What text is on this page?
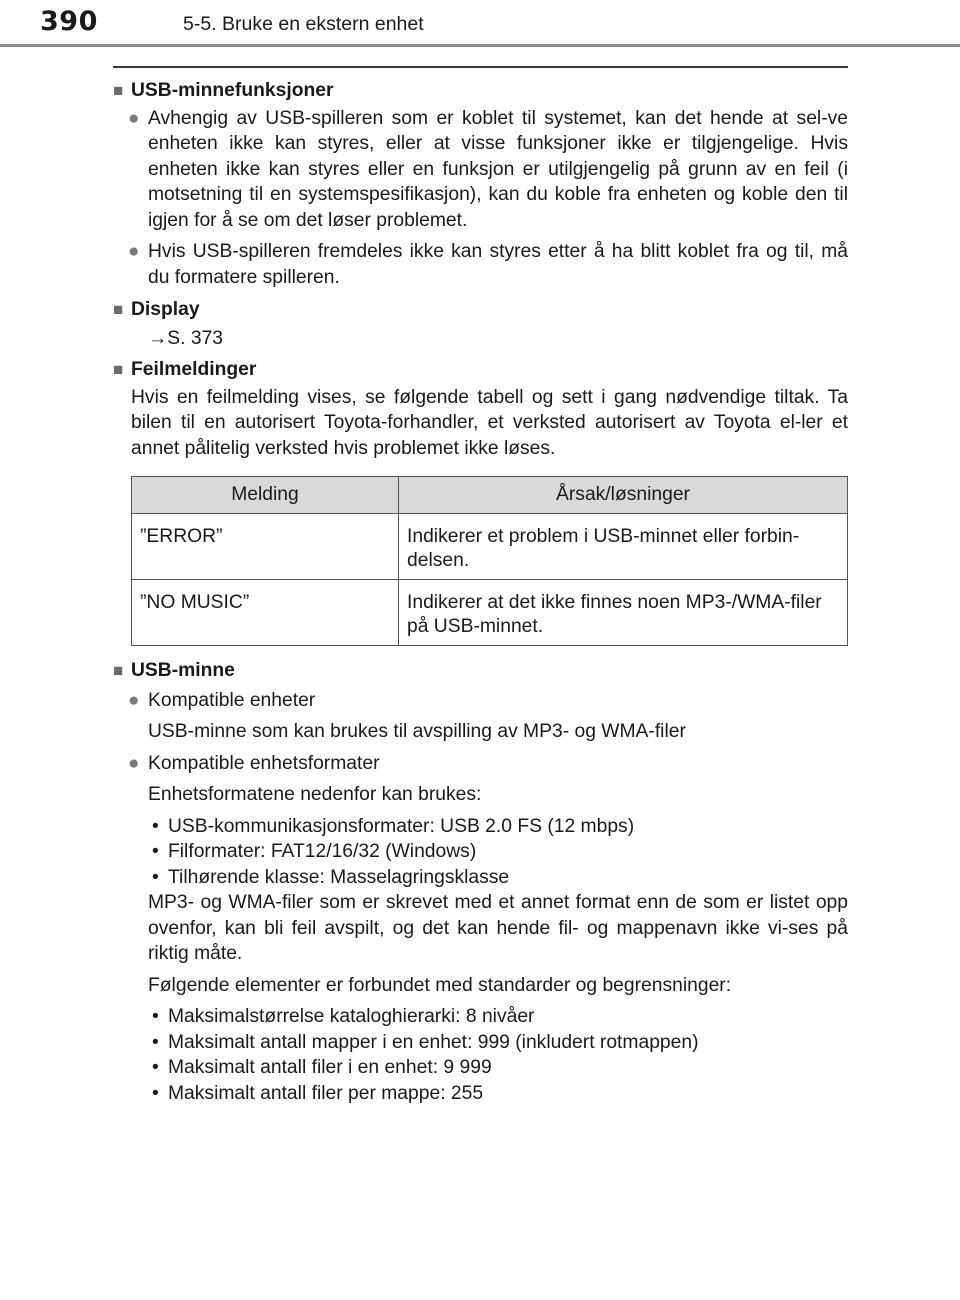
390	5-5. Bruke en ekstern enhet
■ USB-minnefunksjoner
● Avhengig av USB-spilleren som er koblet til systemet, kan det hende at sel-ve enheten ikke kan styres, eller at visse funksjoner ikke er tilgjengelige. Hvis enheten ikke kan styres eller en funksjon er utilgjengelig på grunn av en feil (i motsetning til en systemspesifikasjon), kan du koble fra enheten og koble den til igjen for å se om det løser problemet.
● Hvis USB-spilleren fremdeles ikke kan styres etter å ha blitt koblet fra og til, må du formatere spilleren.
■ Display
→S. 373
■ Feilmeldinger
Hvis en feilmelding vises, se følgende tabell og sett i gang nødvendige tiltak. Ta bilen til en autorisert Toyota-forhandler, et verksted autorisert av Toyota el-ler et annet pålitelig verksted hvis problemet ikke løses.
Melding	Årsak/løsninger
”ERROR”	Indikerer et problem i USB-minnet eller forbin-delsen.
”NO MUSIC”	Indikerer at det ikke finnes noen MP3-/WMA-filer på USB-minnet.
■ USB-minne
● Kompatible enheter
USB-minne som kan brukes til avspilling av MP3- og WMA-filer
● Kompatible enhetsformater
Enhetsformatene nedenfor kan brukes:
• USB-kommunikasjonsformater: USB 2.0 FS (12 mbps)
• Filformater: FAT12/16/32 (Windows)
• Tilhørende klasse: Masselagringsklasse
MP3- og WMA-filer som er skrevet med et annet format enn de som er listet opp ovenfor, kan bli feil avspilt, og det kan hende fil- og mappenavn ikke vi-ses på riktig måte.
Følgende elementer er forbundet med standarder og begrensninger:
• Maksimalstørrelse kataloghierarki: 8 nivåer
• Maksimalt antall mapper i en enhet: 999 (inkludert rotmappen)
• Maksimalt antall filer i en enhet: 9 999
• Maksimalt antall filer per mappe: 255
